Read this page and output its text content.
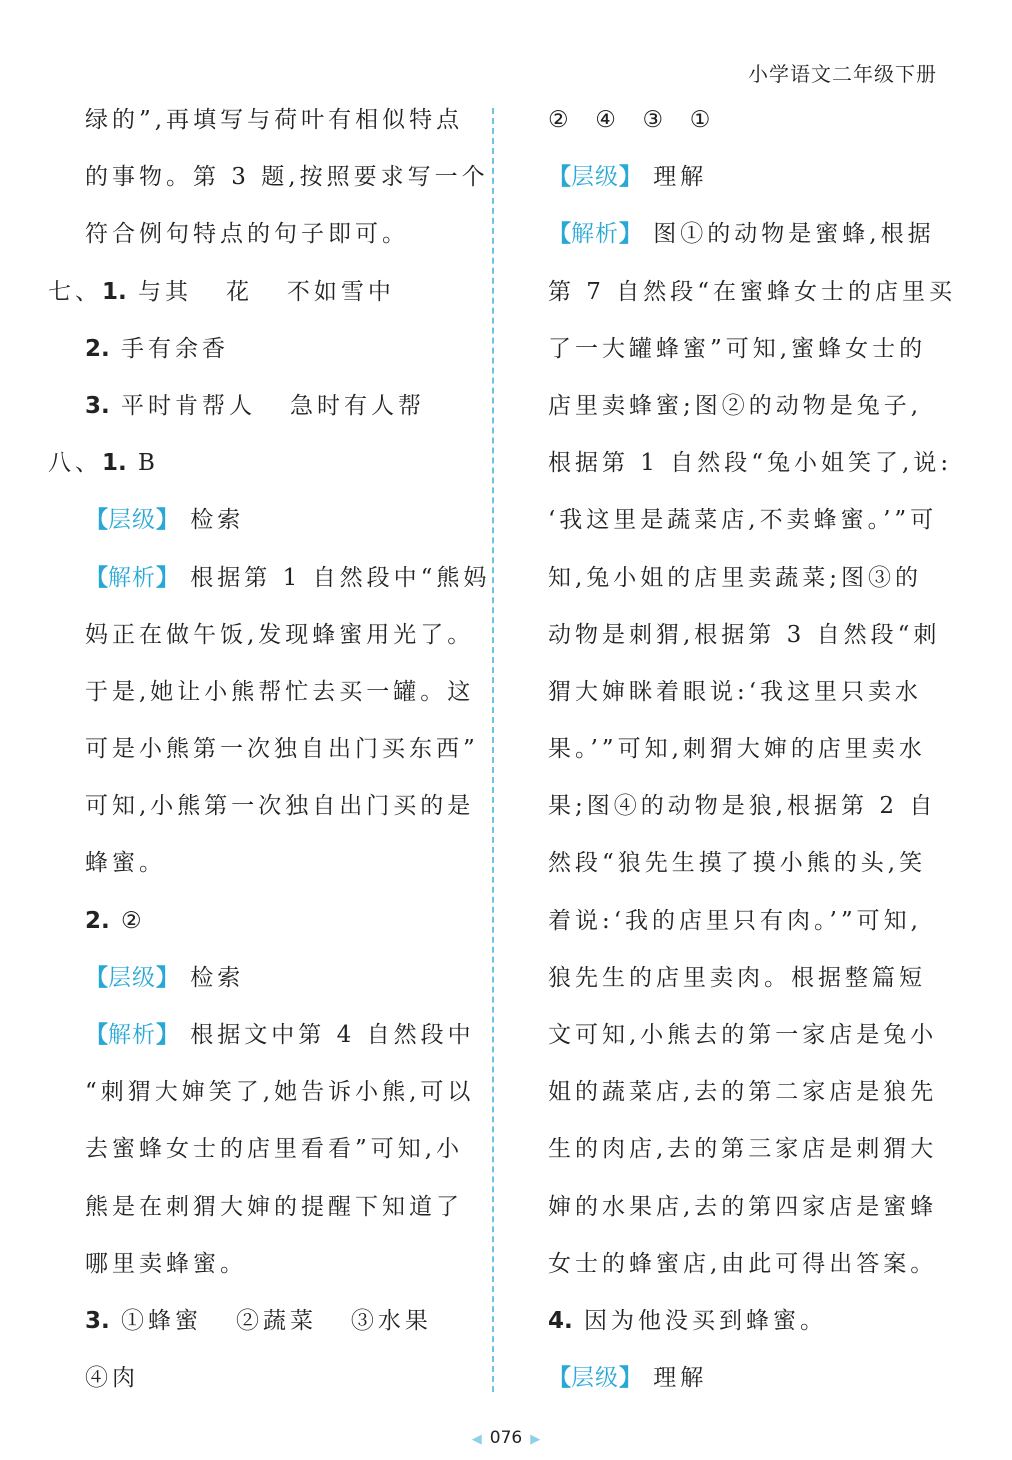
小学语文二年级下册
绿的”,再填写与荷叶有相似特点
的事物。第 3 题,按照要求写一个
符合例句特点的句子即可。
七、1. 与其   花   不如雪中
2. 手有余香
3. 平时肯帮人   急时有人帮
八、1. B
【层级】 检索
【解析】 根据第 1 自然段中“熊妈
妈正在做午饭,发现蜂蜜用光了。
于是,她让小熊帮忙去买一罐。这
可是小熊第一次独自出门买东西”
可知,小熊第一次独自出门买的是
蜂蜜。
2. ②
【层级】 检索
【解析】 根据文中第 4 自然段中
“刺猬大婶笑了,她告诉小熊,可以
去蜜蜂女士的店里看看”可知,小
熊是在刺猬大婶的提醒下知道了
哪里卖蜂蜜。
3. ①蜂蜜   ②蔬菜   ③水果
④肉
②  ④  ③  ①
【层级】 理解
【解析】 图①的动物是蜜蜂,根据
第 7 自然段“在蜜蜂女士的店里买
了一大罐蜂蜜”可知,蜜蜂女士的
店里卖蜂蜜;图②的动物是兔子,
根据第 1 自然段“兔小姐笑了,说:
‘我这里是蔬菜店,不卖蜂蜜。’”可
知,兔小姐的店里卖蔬菜;图③的
动物是刺猬,根据第 3 自然段“刺
猬大婶眯着眼说:‘我这里只卖水
果。’”可知,刺猬大婶的店里卖水
果;图④的动物是狼,根据第 2 自
然段“狼先生摸了摸小熊的头,笑
着说:‘我的店里只有肉。’”可知,
狼先生的店里卖肉。根据整篇短
文可知,小熊去的第一家店是兔小
姐的蔬菜店,去的第二家店是狼先
生的肉店,去的第三家店是刺猬大
婶的水果店,去的第四家店是蜜蜂
女士的蜂蜜店,由此可得出答案。
4. 因为他没买到蜂蜜。
【层级】 理解
◀ 076 ▶
